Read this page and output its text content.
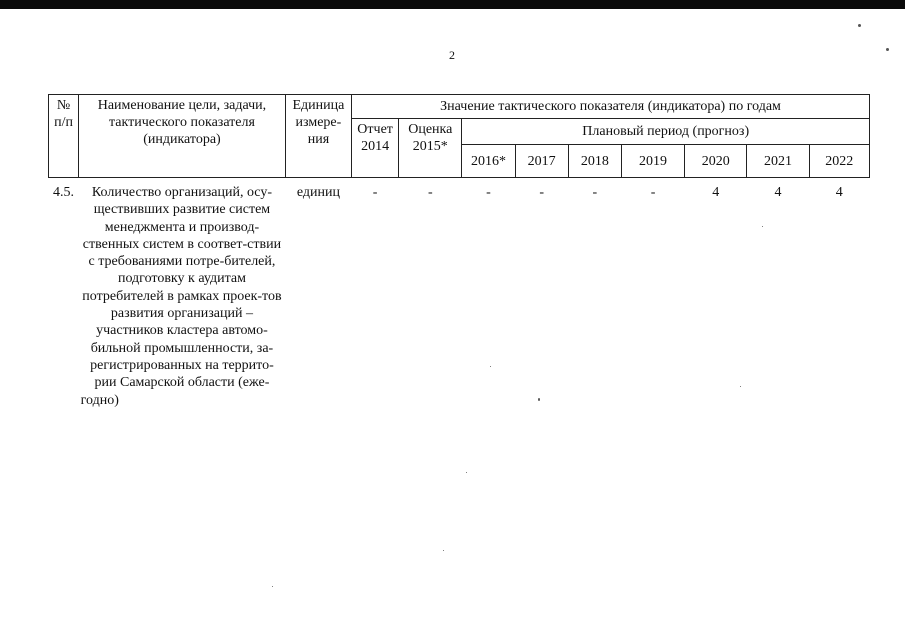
2
№ п/п	Наименование цели, задачи, тактического показателя (индикатора)	Единица измере-ния	Значение тактического показателя (индикатора) по годам								
			Отчет 2014	Оценка 2015*	Плановый период (прогноз)						
					2016*	2017	2018	2019	2020	2021	2022
4.5.	Количество организаций, осу-ществивших развитие систем менеджмента и производ-ственных систем в соответ-ствии с требованиями потре-бителей, подготовку к аудитам потребителей в рамках проек-тов развития организаций – участников кластера автомо-бильной промышленности, за-регистрированных на террито-рии Самарской области (еже-годно)	единиц	-	-	-	-	-	-	4	4	4
